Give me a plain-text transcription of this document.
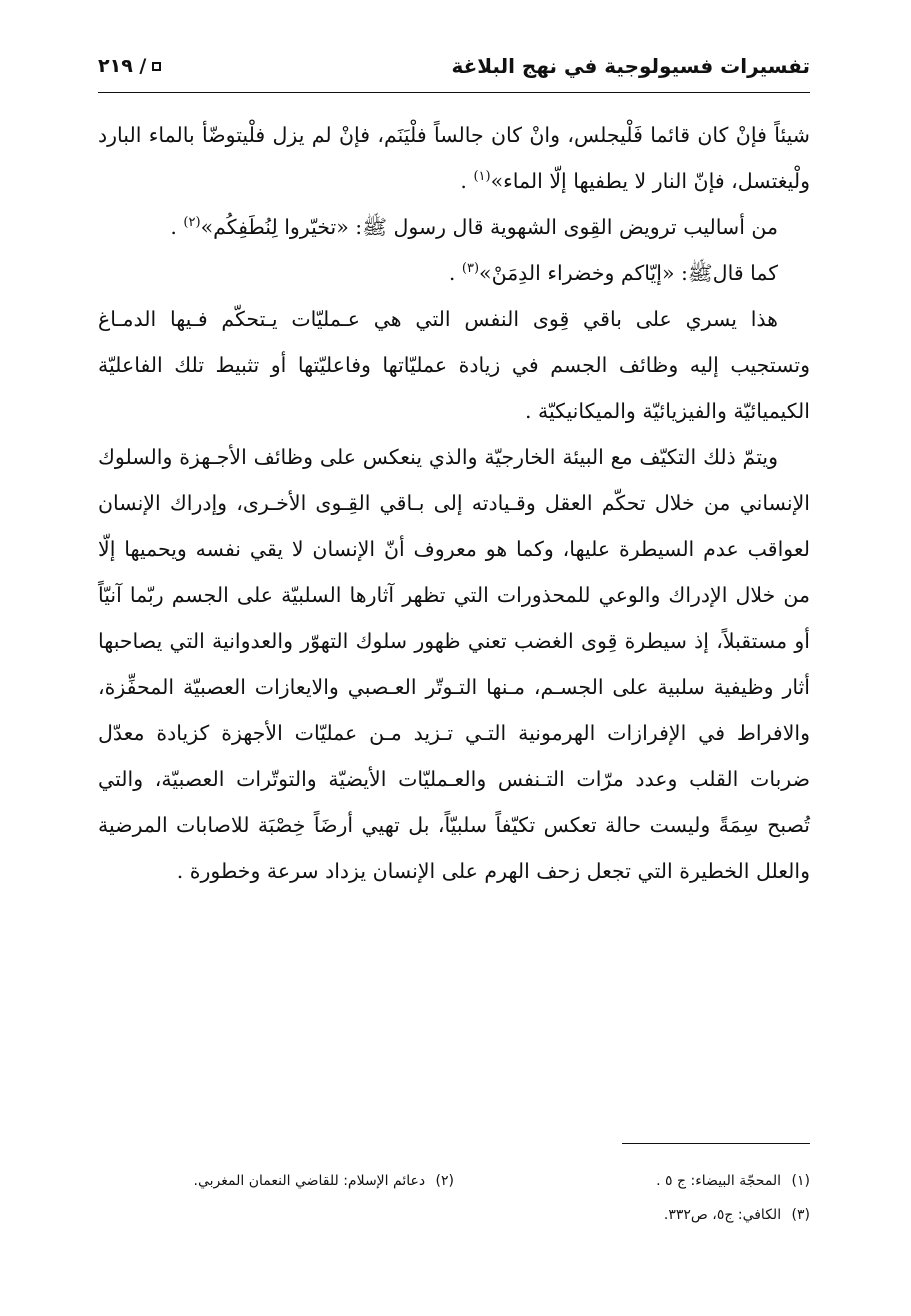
٢١٩ /	تفسيرات فسيولوجية في نهج البلاغة

شيئاً فإنْ كان قائما فَلْيجلس، وانْ كان جالساً فلْيَنَم، فإنْ لم يزل فلْيتوضّأ بالماء البارد ولْيغتسل، فإنّ النار لا يطفيها إلّا الماء»$^{(١)}$ .

من أساليب ترويض القِوى الشهوية قال رسول ﷺ: «تخيّروا لِنُطَفِكُم»$^{(٢)}$ .

كما قالﷺ: «إيّاكم وخضراء الدِمَنْ»$^{(٣)}$ .

هذا يسري على باقي قِوى النفس التي هي عـمليّات يـتحكّم فـيها الدمـاغ وتستجيب إليه وظائف الجسم في زيادة عمليّاتها وفاعليّتها أو تثبيط تلك الفاعليّة الكيميائيّة والفيزيائيّة والميكانيكيّة .

ويتمّ ذلك التكيّف مع البيئة الخارجيّة والذي ينعكس على وظائف الأجـهزة والسلوك الإنساني من خلال تحكّم العقل وقـيادته إلى بـاقي القِـوى الأخـرى، وإدراك الإنسان لعواقب عدم السيطرة عليها، وكما هو معروف أنّ الإنسان لا يقي نفسه ويحميها إلّا من خلال الإدراك والوعي للمحذورات التي تظهر آثارها السلبيّة على الجسم ربّما آنيّاً أو مستقبلاً، إذ سيطرة قِوى الغضب تعني ظهور سلوك التهوّر والعدوانية التي يصاحبها أثار وظيفية سلبية على الجسـم، مـنها التـوتّر العـصبي والايعازات العصبيّة المحفِّزة، والافراط في الإفرازات الهرمونية التـي تـزيد مـن عمليّات الأجهزة كزيادة معدّل ضربات القلب وعدد مرّات التـنفس والعـمليّات الأيضيّة والتوتّرات العصبيّة، والتي تُصبح سِمَةً وليست حالة تعكس تكيّفاً سلبيّاً، بل تهيي أرضَاً خِصْبَة للاصابات المرضية والعلل الخطيرة التي تجعل زحف الهرم على الإنسان يزداد سرعة وخطورة .

(١) المحجّة البيضاء: ج ٥ .
(٢) دعائم الإسلام: للقاضي النعمان المغربي.
(٣) الكافي: ج٥، ص٣٣٢.
